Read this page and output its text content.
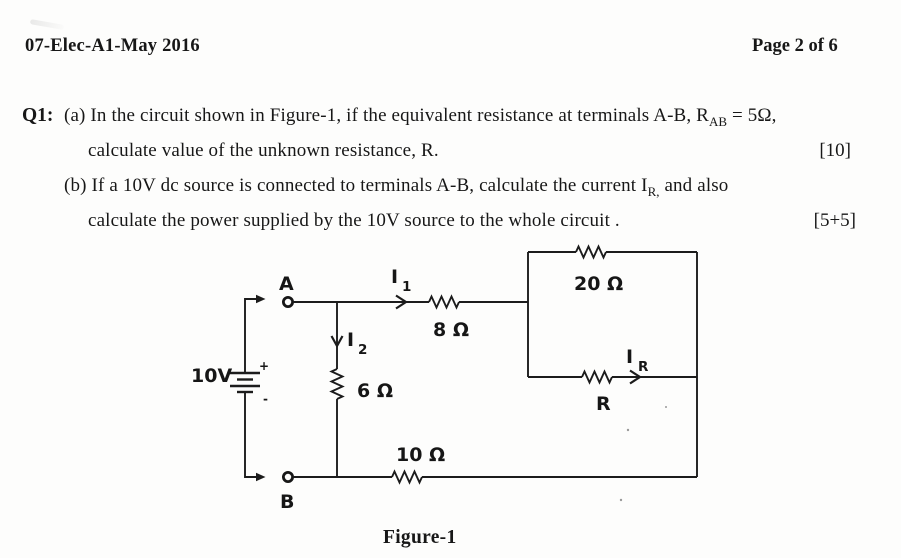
07-Elec-A1-May 2016	Page 2 of 6
Q1: (a) In the circuit shown in Figure-1, if the equivalent resistance at terminals A-B, $R_{AB} = 5\Omega$,
calculate value of the unknown resistance, R.	[10]
(b) If a 10V dc source is connected to terminals A-B, calculate the current $I_{R,}$ and also
calculate the power supplied by the 10V source to the whole circuit .	[5+5]
10V +
-
A
B
I 1
8 Ω
I 2
6 Ω
20 Ω
I R
R
10 Ω
Figure-1
